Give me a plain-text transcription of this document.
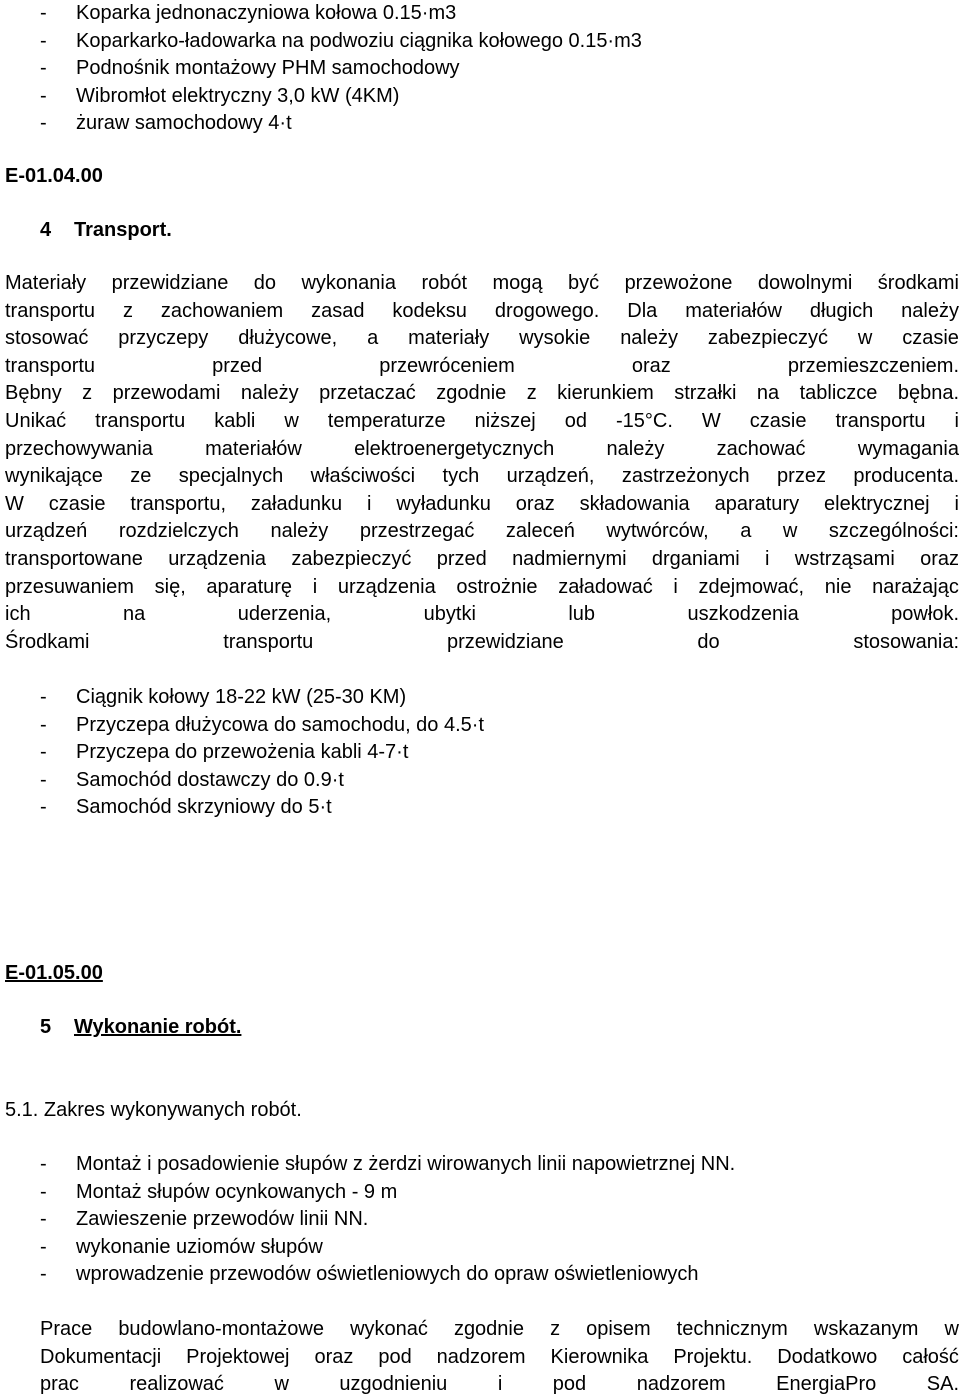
- Koparka jednonaczyniowa kołowa 0.15·m3
- Koparkarko-ładowarka na podwoziu ciągnika kołowego 0.15·m3
- Podnośnik montażowy PHM samochodowy
- Wibromłot elektryczny 3,0 kW (4KM)
- żuraw samochodowy 4·t
E-01.04.00
4 Transport.
Materiały przewidziane do wykonania robót mogą być przewożone dowolnymi środkami
transportu z zachowaniem zasad kodeksu drogowego. Dla materiałów długich należy
stosować przyczepy dłużycowe, a materiały wysokie należy zabezpieczyć w czasie
transportu przed przewróceniem oraz przemieszczeniem.
Bębny z przewodami należy przetaczać zgodnie z kierunkiem strzałki na tabliczce bębna.
Unikać transportu kabli w temperaturze niższej od -15°C. W czasie transportu i
przechowywania materiałów elektroenergetycznych należy zachować wymagania
wynikające ze specjalnych właściwości tych urządzeń, zastrzeżonych przez producenta.
W czasie transportu, załadunku i wyładunku oraz składowania aparatury elektrycznej i
urządzeń rozdzielczych należy przestrzegać zaleceń wytwórców, a w szczególności:
transportowane urządzenia zabezpieczyć przed nadmiernymi drganiami i wstrząsami oraz
przesuwaniem się, aparaturę i urządzenia ostrożnie załadować i zdejmować, nie narażając
ich na uderzenia, ubytki lub uszkodzenia powłok.
Środkami transportu przewidziane do stosowania:
- Ciągnik kołowy 18-22 kW (25-30 KM)
- Przyczepa dłużycowa do samochodu, do 4.5·t
- Przyczepa do przewożenia kabli 4-7·t
- Samochód dostawczy do 0.9·t
- Samochód skrzyniowy do 5·t
E-01.05.00
5 Wykonanie robót.
5.1. Zakres wykonywanych robót.
- Montaż i posadowienie słupów z żerdzi wirowanych linii napowietrznej NN.
- Montaż słupów ocynkowanych - 9 m
- Zawieszenie przewodów linii NN.
- wykonanie uziomów słupów
- wprowadzenie przewodów oświetleniowych do opraw oświetleniowych
Prace budowlano-montażowe wykonać zgodnie z opisem technicznym wskazanym w
Dokumentacji Projektowej oraz pod nadzorem Kierownika Projektu. Dodatkowo całość
prac realizować w uzgodnieniu i pod nadzorem EnergiaPro SA.
